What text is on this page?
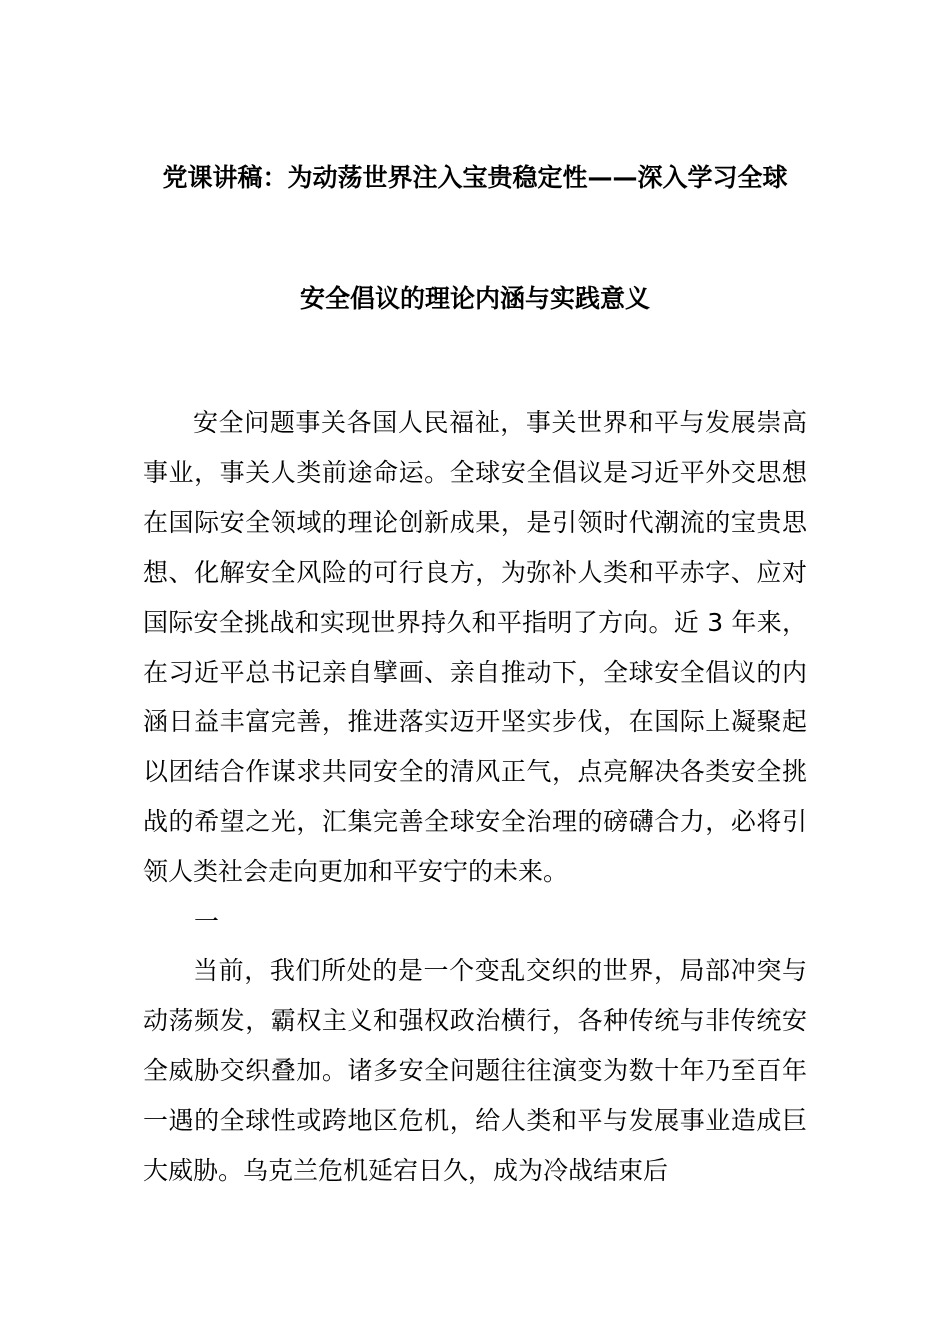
党课讲稿：为动荡世界注入宝贵稳定性——深入学习全球
安全倡议的理论内涵与实践意义

安全问题事关各国人民福祉，事关世界和平与发展崇高事业，事关人类前途命运。全球安全倡议是习近平外交思想在国际安全领域的理论创新成果，是引领时代潮流的宝贵思想、化解安全风险的可行良方，为弥补人类和平赤字、应对国际安全挑战和实现世界持久和平指明了方向。近 3 年来，在习近平总书记亲自擘画、亲自推动下，全球安全倡议的内涵日益丰富完善，推进落实迈开坚实步伐，在国际上凝聚起以团结合作谋求共同安全的清风正气，点亮解决各类安全挑战的希望之光，汇集完善全球安全治理的磅礴合力，必将引领人类社会走向更加和平安宁的未来。

一

当前，我们所处的是一个变乱交织的世界，局部冲突与动荡频发，霸权主义和强权政治横行，各种传统与非传统安全威胁交织叠加。诸多安全问题往往演变为数十年乃至百年一遇的全球性或跨地区危机，给人类和平与发展事业造成巨大威胁。乌克兰危机延宕日久，成为冷战结束后
